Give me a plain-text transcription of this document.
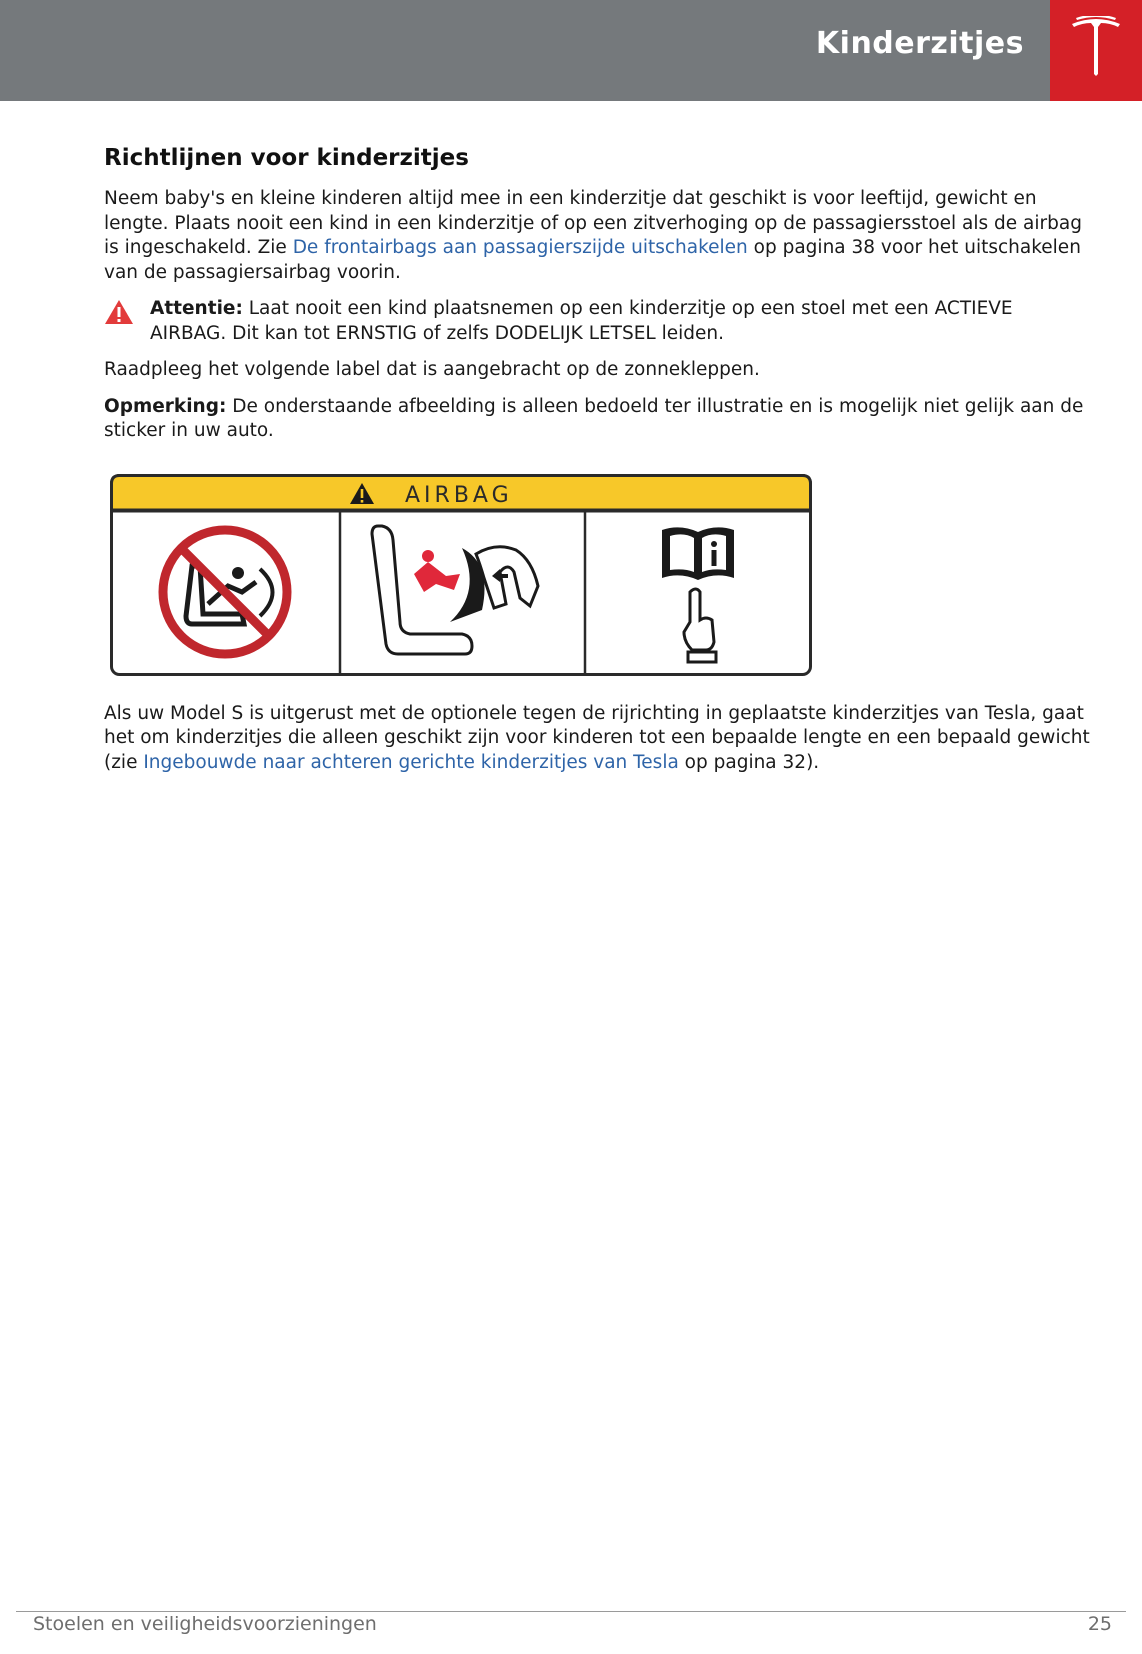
Kinderzitjes
Richtlijnen voor kinderzitjes

Neem baby's en kleine kinderen altijd mee in een kinderzitje dat geschikt is voor leeftijd, gewicht en lengte. Plaats nooit een kind in een kinderzitje of op een zitverhoging op de passagiersstoel als de airbag is ingeschakeld. Zie De frontairbags aan passagierszijde uitschakelen op pagina 38 voor het uitschakelen van de passagiersairbag voorin.

Attentie: Laat nooit een kind plaatsnemen op een kinderzitje op een stoel met een ACTIEVE AIRBAG. Dit kan tot ERNSTIG of zelfs DODELIJK LETSEL leiden.

Raadpleeg het volgende label dat is aangebracht op de zonnekleppen.

Opmerking: De onderstaande afbeelding is alleen bedoeld ter illustratie en is mogelijk niet gelijk aan de sticker in uw auto.

AIRBAG

Als uw Model S is uitgerust met de optionele tegen de rijrichting in geplaatste kinderzitjes van Tesla, gaat het om kinderzitjes die alleen geschikt zijn voor kinderen tot een bepaalde lengte en een bepaald gewicht (zie Ingebouwde naar achteren gerichte kinderzitjes van Tesla op pagina 32).

Stoelen en veiligheidsvoorzieningen	25
